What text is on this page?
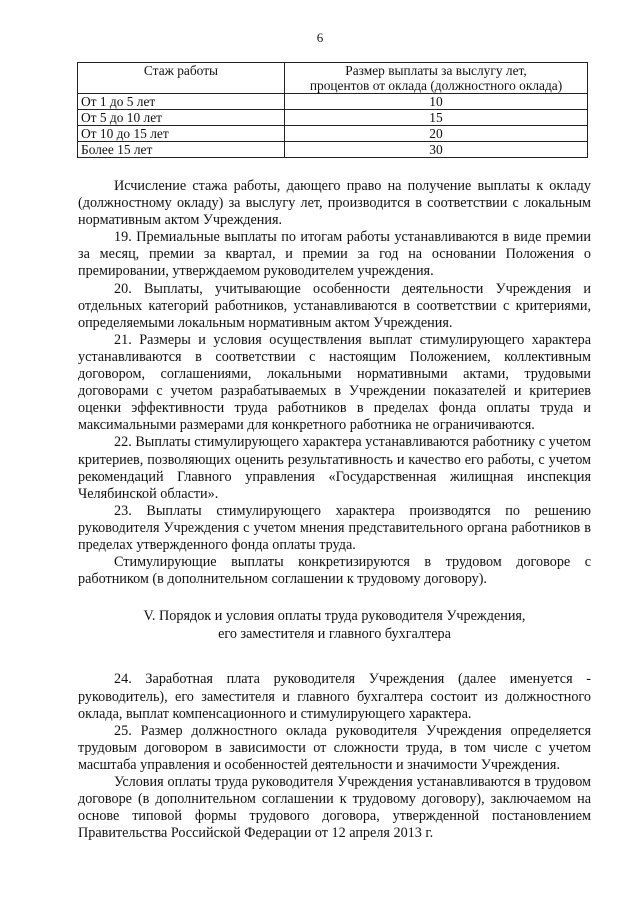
6
Стаж работы	Размер выплаты за выслугу лет,
процентов от оклада (должностного оклада)
От 1 до 5 лет	10
От 5 до 10 лет	15
От 10 до 15 лет	20
Более 15 лет	30

Исчисление стажа работы, дающего право на получение выплаты к окладу (должностному окладу) за выслугу лет, производится в соответствии с локальным нормативным актом Учреждения.

19. Премиальные выплаты по итогам работы устанавливаются в виде премии за месяц, премии за квартал, и премии за год на основании Положения о премировании, утверждаемом руководителем учреждения.

20. Выплаты, учитывающие особенности деятельности Учреждения и отдельных категорий работников, устанавливаются в соответствии с критериями, определяемыми локальным нормативным актом Учреждения.

21. Размеры и условия осуществления выплат стимулирующего характера устанавливаются в соответствии с настоящим Положением, коллективным договором, соглашениями, локальными нормативными актами, трудовыми договорами с учетом разрабатываемых в Учреждении показателей и критериев оценки эффективности труда работников в пределах фонда оплаты труда и максимальными размерами для конкретного работника не ограничиваются.

22. Выплаты стимулирующего характера устанавливаются работнику с учетом критериев, позволяющих оценить результативность и качество его работы, с учетом рекомендаций Главного управления «Государственная жилищная инспекция Челябинской области».

23. Выплаты стимулирующего характера производятся по решению руководителя Учреждения с учетом мнения представительного органа работников в пределах утвержденного фонда оплаты труда.

Стимулирующие выплаты конкретизируются в трудовом договоре с работником (в дополнительном соглашении к трудовому договору).

V. Порядок и условия оплаты труда руководителя Учреждения,
его заместителя и главного бухгалтера

24. Заработная плата руководителя Учреждения (далее именуется - руководитель), его заместителя и главного бухгалтера состоит из должностного оклада, выплат компенсационного и стимулирующего характера.

25. Размер должностного оклада руководителя Учреждения определяется трудовым договором в зависимости от сложности труда, в том числе с учетом масштаба управления и особенностей деятельности и значимости Учреждения.

Условия оплаты труда руководителя Учреждения устанавливаются в трудовом договоре (в дополнительном соглашении к трудовому договору), заключаемом на основе типовой формы трудового договора, утвержденной постановлением Правительства Российской Федерации от 12 апреля 2013 г.
